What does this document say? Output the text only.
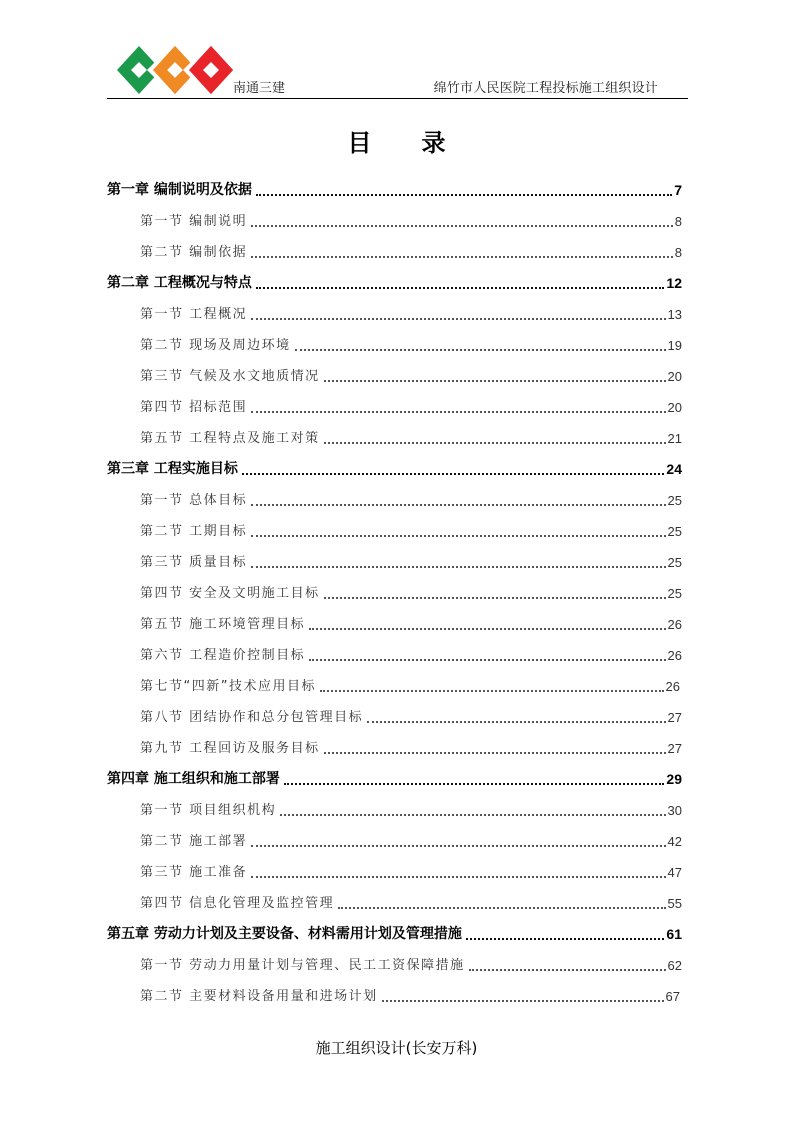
南通三建	绵竹市人民医院工程投标施工组织设计
目录
第一章 编制说明及依据	7
第一节 编制说明	8
第二节 编制依据	8
第二章 工程概况与特点	12
第一节 工程概况	13
第二节 现场及周边环境	19
第三节 气候及水文地质情况	20
第四节 招标范围	20
第五节 工程特点及施工对策	21
第三章 工程实施目标	24
第一节 总体目标	25
第二节 工期目标	25
第三节 质量目标	25
第四节 安全及文明施工目标	25
第五节 施工环境管理目标	26
第六节 工程造价控制目标	26
第七节“四新”技术应用目标	26
第八节 团结协作和总分包管理目标	27
第九节 工程回访及服务目标	27
第四章 施工组织和施工部署	29
第一节 项目组织机构	30
第二节 施工部署	42
第三节 施工准备	47
第四节 信息化管理及监控管理	55
第五章 劳动力计划及主要设备、材料需用计划及管理措施	61
第一节 劳动力用量计划与管理、民工工资保障措施	62
第二节 主要材料设备用量和进场计划	67
施工组织设计(长安万科)
